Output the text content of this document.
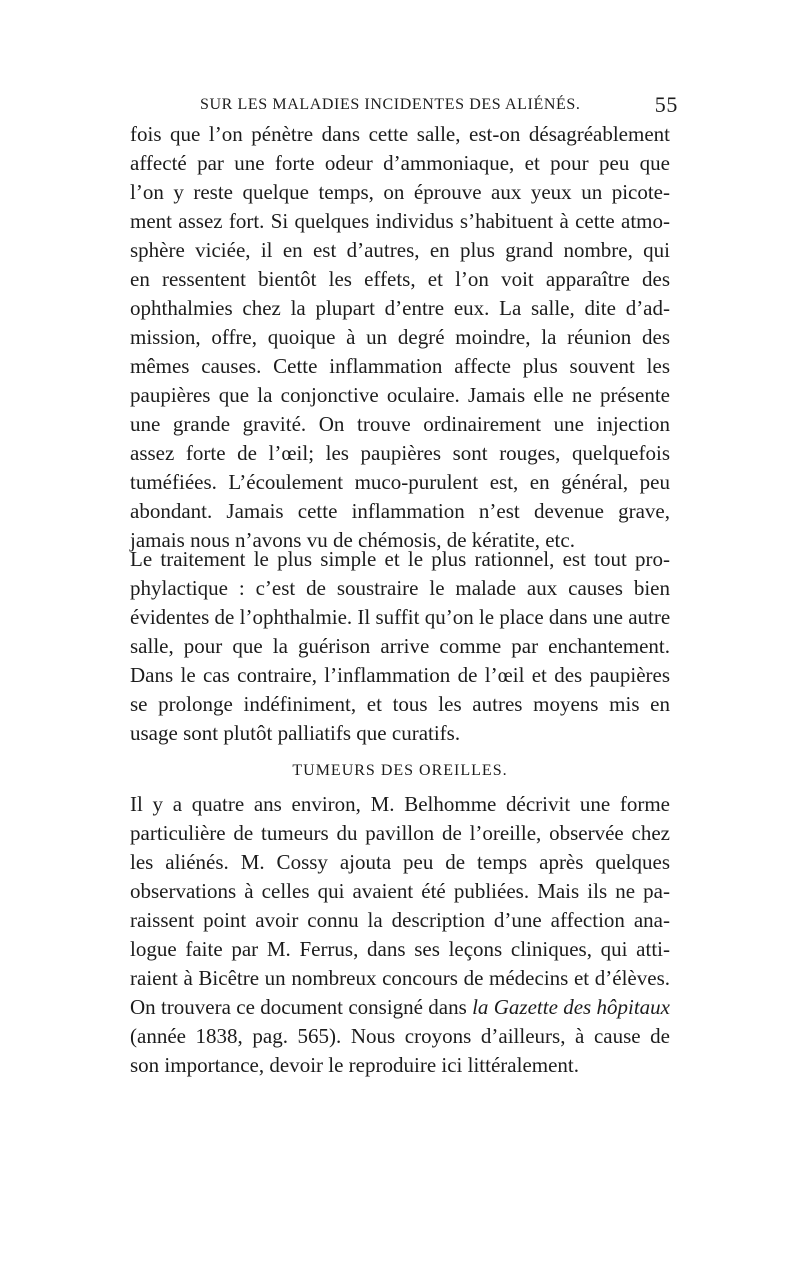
SUR LES MALADIES INCIDENTES DES ALIÉNÉS.	55
fois que l’on pénètre dans cette salle, est-on désagréablement
affecté par une forte odeur d’ammoniaque, et pour peu que
l’on y reste quelque temps, on éprouve aux yeux un picote-
ment assez fort. Si quelques individus s’habituent à cette atmo-
sphère viciée, il en est d’autres, en plus grand nombre, qui
en ressentent bientôt les effets, et l’on voit apparaître des
ophthalmies chez la plupart d’entre eux. La salle, dite d’ad-
mission, offre, quoique à un degré moindre, la réunion des
mêmes causes. Cette inflammation affecte plus souvent les
paupières que la conjonctive oculaire. Jamais elle ne présente
une grande gravité. On trouve ordinairement une injection
assez forte de l’œil; les paupières sont rouges, quelquefois
tuméfiées. L’écoulement muco-purulent est, en général, peu
abondant. Jamais cette inflammation n’est devenue grave,
jamais nous n’avons vu de chémosis, de kératite, etc.
Le traitement le plus simple et le plus rationnel, est tout pro-
phylactique : c’est de soustraire le malade aux causes bien
évidentes de l’ophthalmie. Il suffit qu’on le place dans une autre
salle, pour que la guérison arrive comme par enchantement.
Dans le cas contraire, l’inflammation de l’œil et des paupières
se prolonge indéfiniment, et tous les autres moyens mis en
usage sont plutôt palliatifs que curatifs.
TUMEURS DES OREILLES.
Il y a quatre ans environ, M. Belhomme décrivit une forme
particulière de tumeurs du pavillon de l’oreille, observée chez
les aliénés. M. Cossy ajouta peu de temps après quelques
observations à celles qui avaient été publiées. Mais ils ne pa-
raissent point avoir connu la description d’une affection ana-
logue faite par M. Ferrus, dans ses leçons cliniques, qui atti-
raient à Bicêtre un nombreux concours de médecins et d’élèves.
On trouvera ce document consigné dans la Gazette des hôpitaux
(année 1838, pag. 565). Nous croyons d’ailleurs, à cause de
son importance, devoir le reproduire ici littéralement.
